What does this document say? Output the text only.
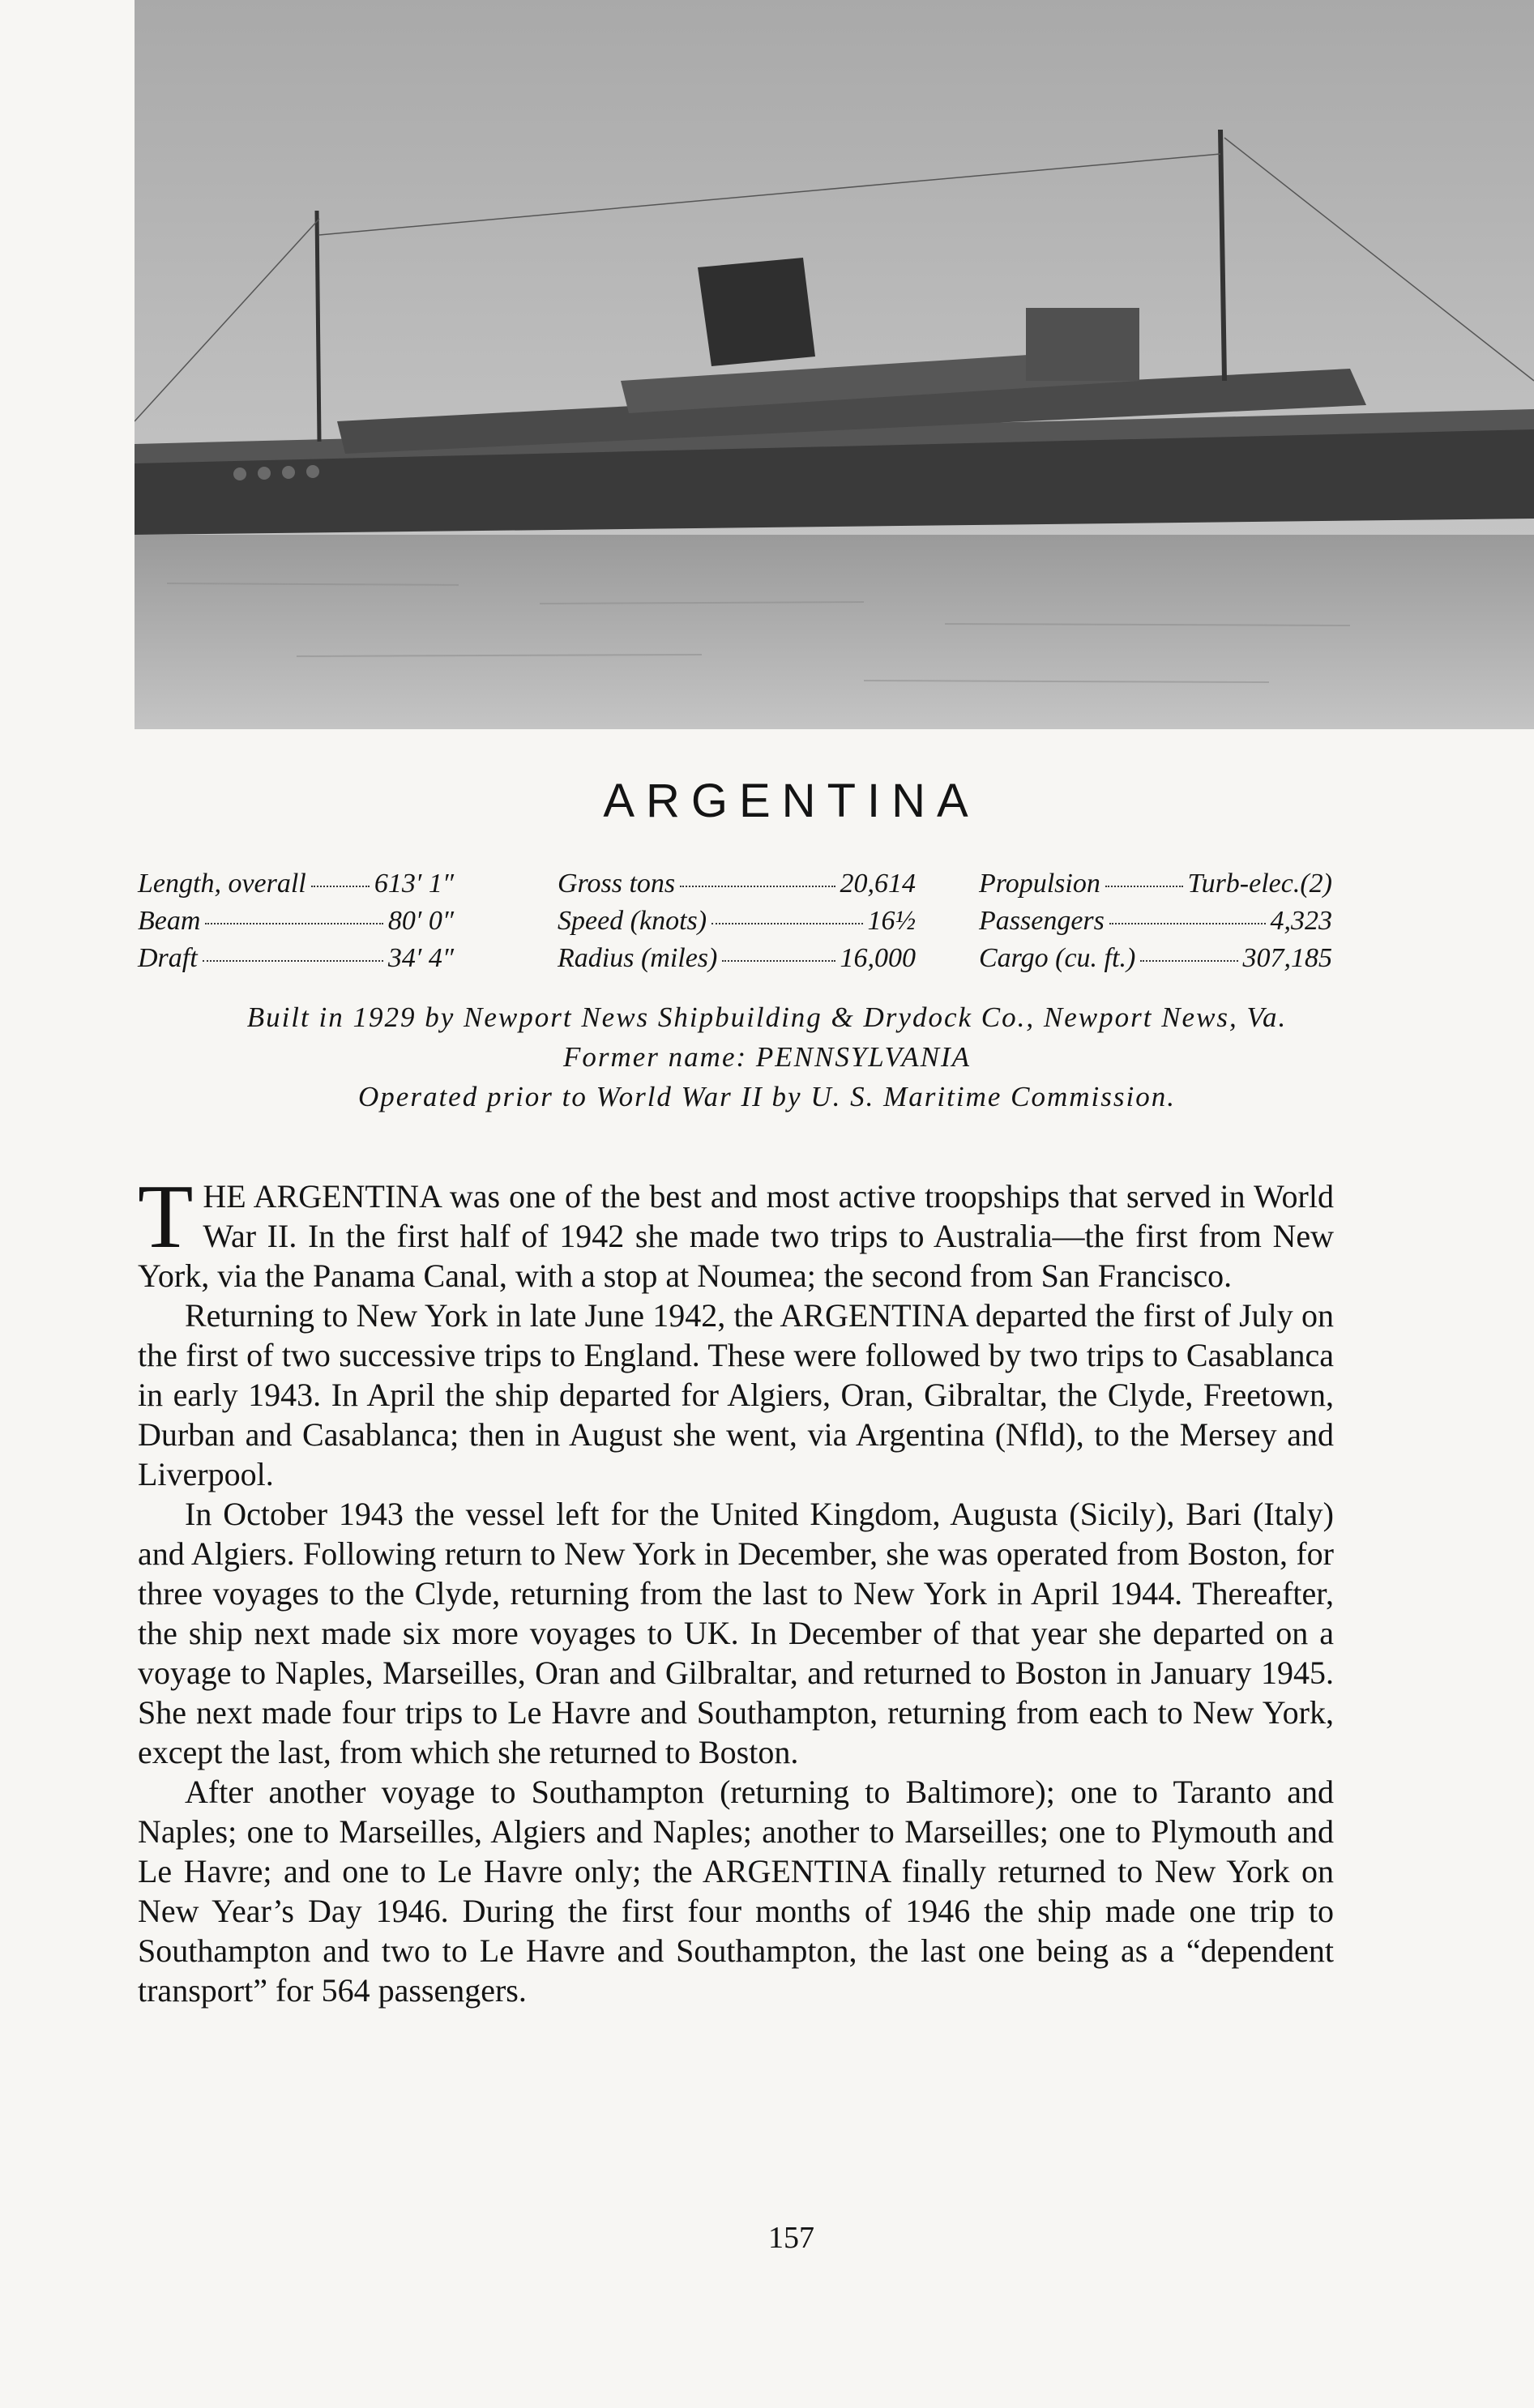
ARGENTINA
Length, overall 613′ 1″
Beam	80′ 0″
Draft	34′ 4″
Gross tons	20,614
Speed (knots)	16½
Radius (miles)	16,000
Propulsion	Turb-elec.(2)
Passengers	4,323
Cargo (cu. ft.)	307,185
Built in 1929 by Newport News Shipbuilding & Drydock Co., Newport News, Va.
Former name: PENNSYLVANIA
Operated prior to World War II by U. S. Maritime Commission.

THE ARGENTINA was one of the best and most active troopships that served in World War II. In the first half of 1942 she made two trips to Australia—the first from New York, via the Panama Canal, with a stop at Noumea; the second from San Francisco.

Returning to New York in late June 1942, the ARGENTINA departed the first of July on the first of two successive trips to England. These were followed by two trips to Casablanca in early 1943. In April the ship departed for Algiers, Oran, Gibraltar, the Clyde, Freetown, Durban and Casablanca; then in August she went, via Argentina (Nfld), to the Mersey and Liverpool.

In October 1943 the vessel left for the United Kingdom, Augusta (Sicily), Bari (Italy) and Algiers. Following return to New York in December, she was operated from Boston, for three voyages to the Clyde, returning from the last to New York in April 1944. Thereafter, the ship next made six more voyages to UK. In December of that year she departed on a voyage to Naples, Marseilles, Oran and Gilbraltar, and returned to Boston in January 1945. She next made four trips to Le Havre and Southampton, returning from each to New York, except the last, from which she returned to Boston.

After another voyage to Southampton (returning to Baltimore); one to Taranto and Naples; one to Marseilles, Algiers and Naples; another to Marseilles; one to Plymouth and Le Havre; and one to Le Havre only; the ARGENTINA finally returned to New York on New Year’s Day 1946. During the first four months of 1946 the ship made one trip to Southampton and two to Le Havre and Southampton, the last one being as a “dependent transport” for 564 passengers.

157
